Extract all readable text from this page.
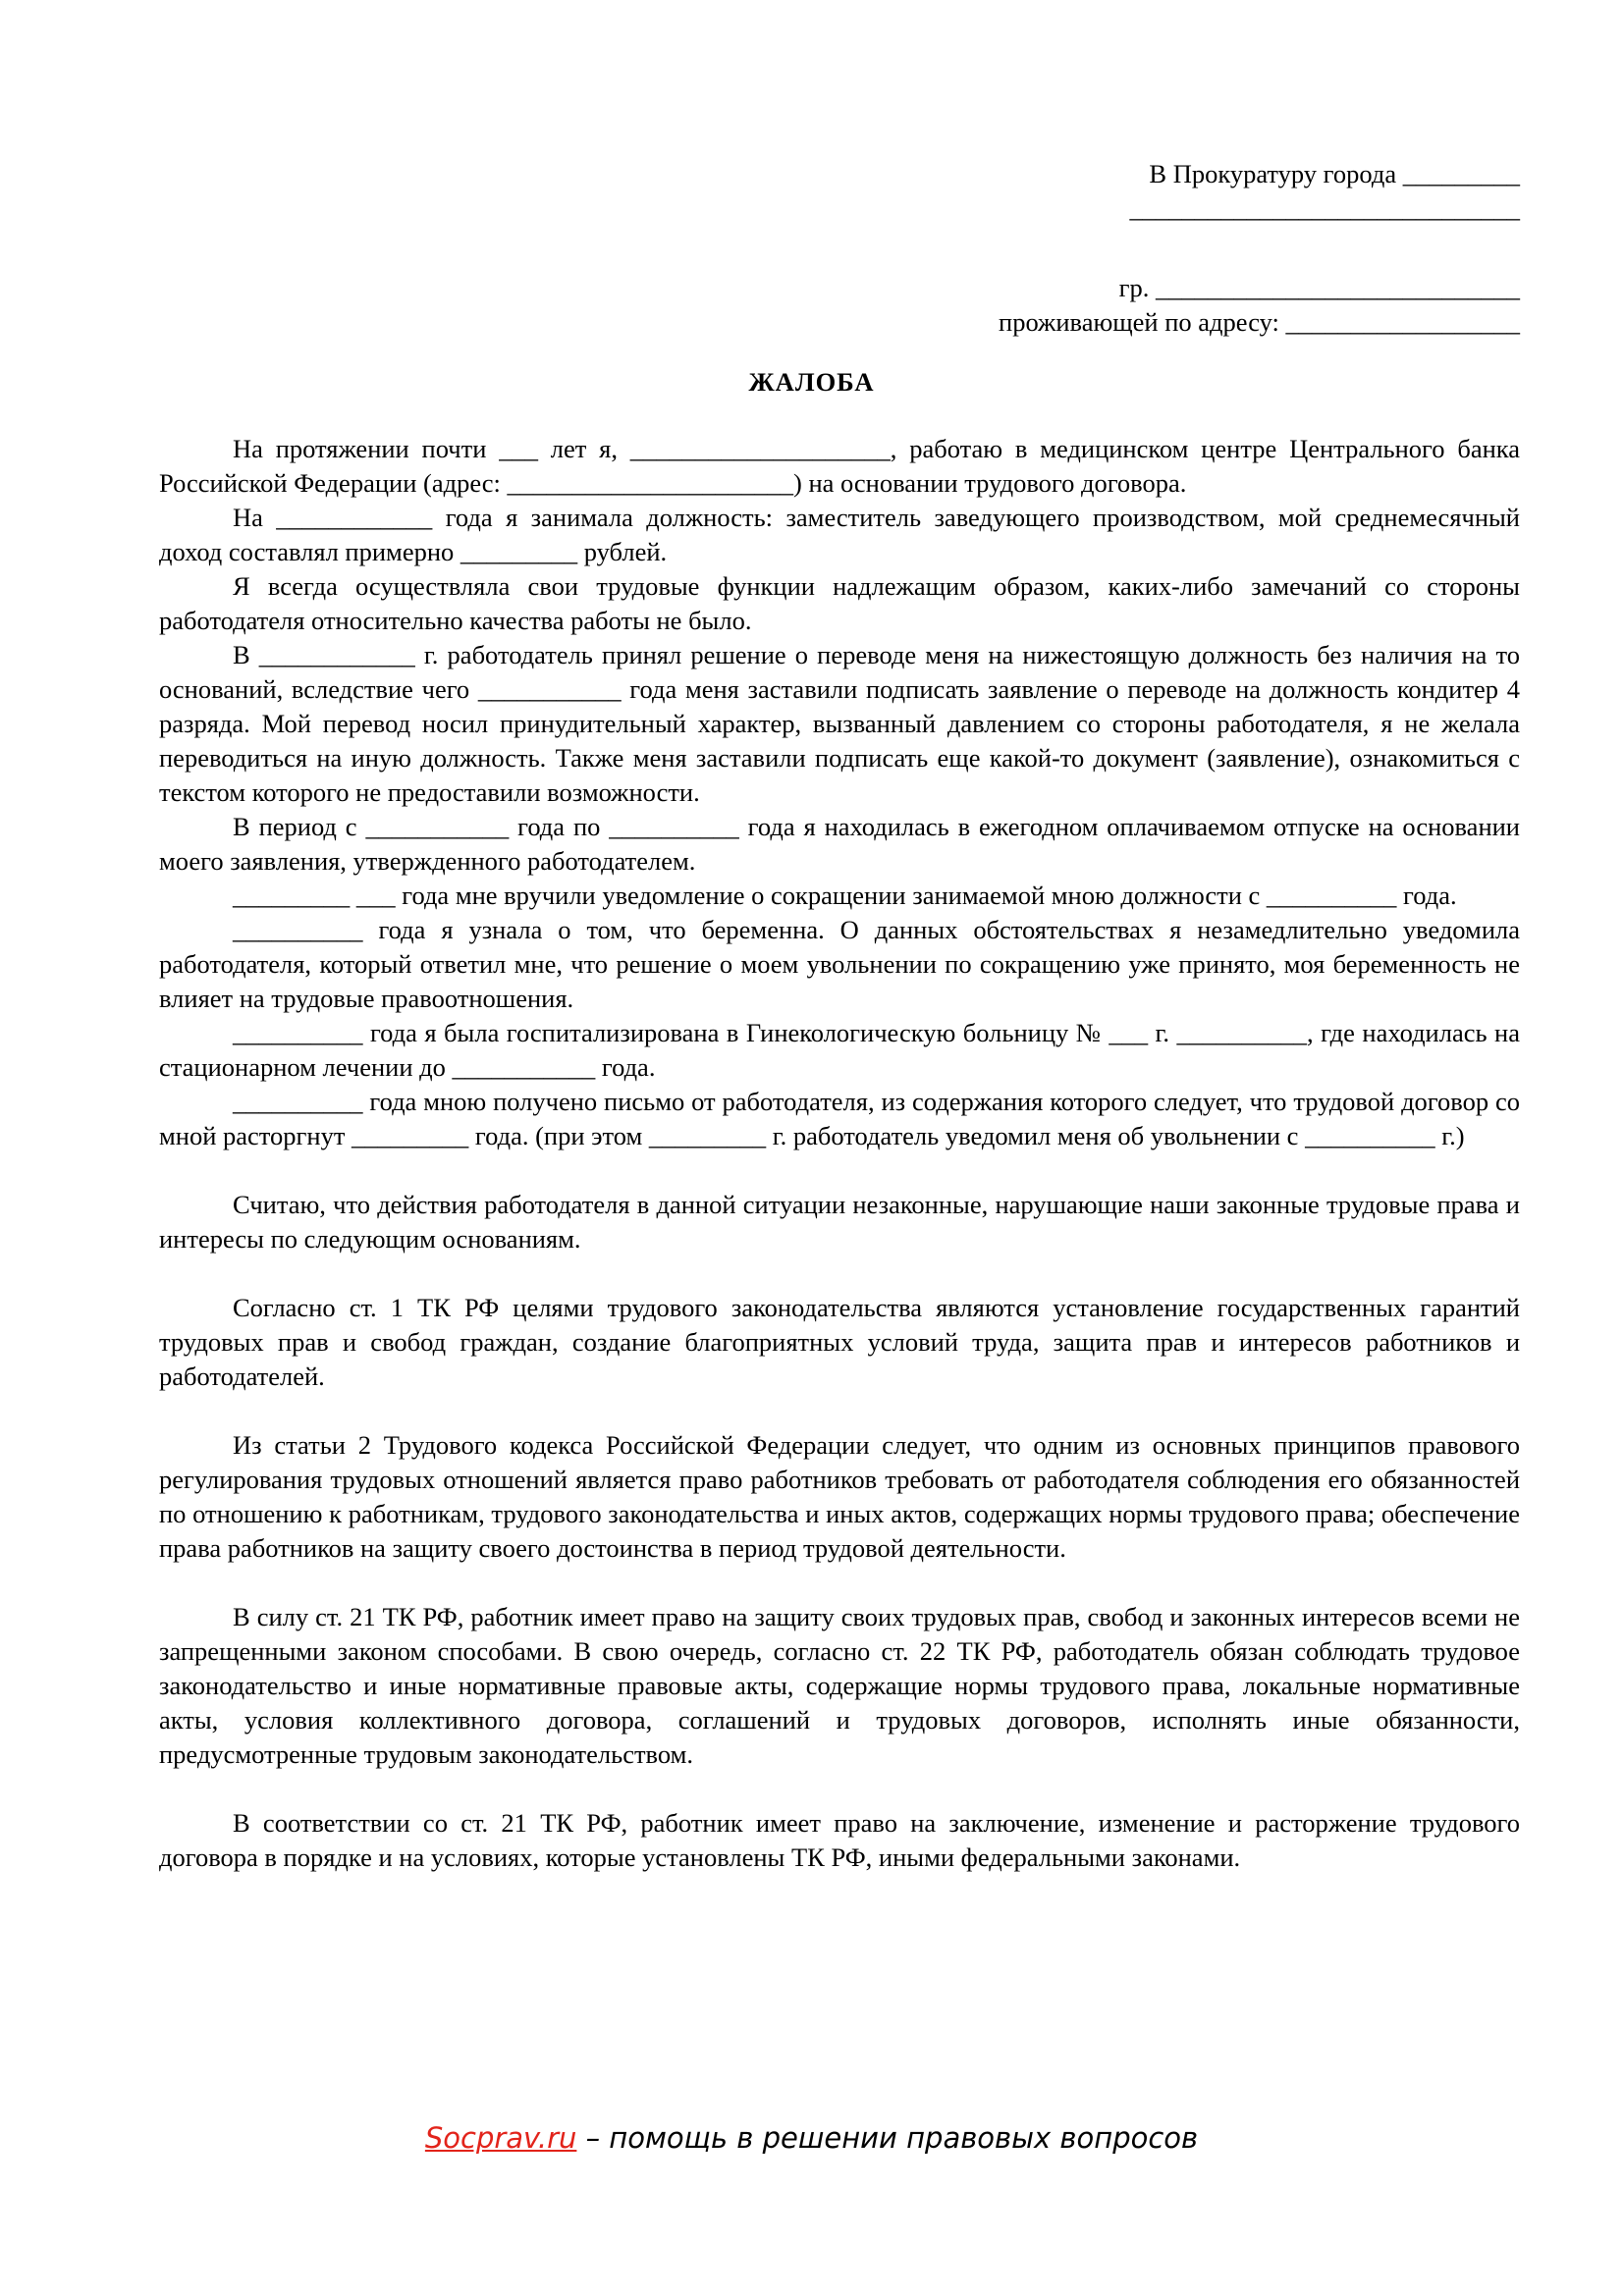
В Прокуратуру города _________
______________________________
гр. ____________________________
проживающей по адресу: __________________
ЖАЛОБА

На протяжении почти ___ лет я, ____________________, работаю в медицинском центре Центрального банка Российской Федерации (адрес: ______________________) на основании трудового договора.

На ____________ года я занимала должность: заместитель заведующего производством, мой среднемесячный доход составлял примерно _________ рублей.

Я всегда осуществляла свои трудовые функции надлежащим образом, каких-либо замечаний со стороны работодателя относительно качества работы не было.

В ____________ г. работодатель принял решение о переводе меня на нижестоящую должность без наличия на то оснований, вследствие чего ___________ года меня заставили подписать заявление о переводе на должность кондитер 4 разряда. Мой перевод носил принудительный характер, вызванный давлением со стороны работодателя, я не желала переводиться на иную должность. Также меня заставили подписать еще какой-то документ (заявление), ознакомиться с текстом которого не предоставили возможности.

В период с ___________ года по __________ года я находилась в ежегодном оплачиваемом отпуске на основании моего заявления, утвержденного работодателем.

_________ ___ года мне вручили уведомление о сокращении занимаемой мною должности с __________ года.

__________ года я узнала о том, что беременна. О данных обстоятельствах я незамедлительно уведомила работодателя, который ответил мне, что решение о моем увольнении по сокращению уже принято, моя беременность не влияет на трудовые правоотношения.

__________ года я была госпитализирована в Гинекологическую больницу № ___ г. __________, где находилась на стационарном лечении до ___________ года.

__________ года мною получено письмо от работодателя, из содержания которого следует, что трудовой договор со мной расторгнут _________ года. (при этом _________ г. работодатель уведомил меня об увольнении с __________ г.)

Считаю, что действия работодателя в данной ситуации незаконные, нарушающие наши законные трудовые права и интересы по следующим основаниям.

Согласно ст. 1 ТК РФ целями трудового законодательства являются установление государственных гарантий трудовых прав и свобод граждан, создание благоприятных условий труда, защита прав и интересов работников и работодателей.

Из статьи 2 Трудового кодекса Российской Федерации следует, что одним из основных принципов правового регулирования трудовых отношений является право работников требовать от работодателя соблюдения его обязанностей по отношению к работникам, трудового законодательства и иных актов, содержащих нормы трудового права; обеспечение права работников на защиту своего достоинства в период трудовой деятельности.

В силу ст. 21 ТК РФ, работник имеет право на защиту своих трудовых прав, свобод и законных интересов всеми не запрещенными законом способами. В свою очередь, согласно ст. 22 ТК РФ, работодатель обязан соблюдать трудовое законодательство и иные нормативные правовые акты, содержащие нормы трудового права, локальные нормативные акты, условия коллективного договора, соглашений и трудовых договоров, исполнять иные обязанности, предусмотренные трудовым законодательством.

В соответствии со ст. 21 ТК РФ, работник имеет право на заключение, изменение и расторжение трудового договора в порядке и на условиях, которые установлены ТК РФ, иными федеральными законами.

Socprav.ru – помощь в решении правовых вопросов
